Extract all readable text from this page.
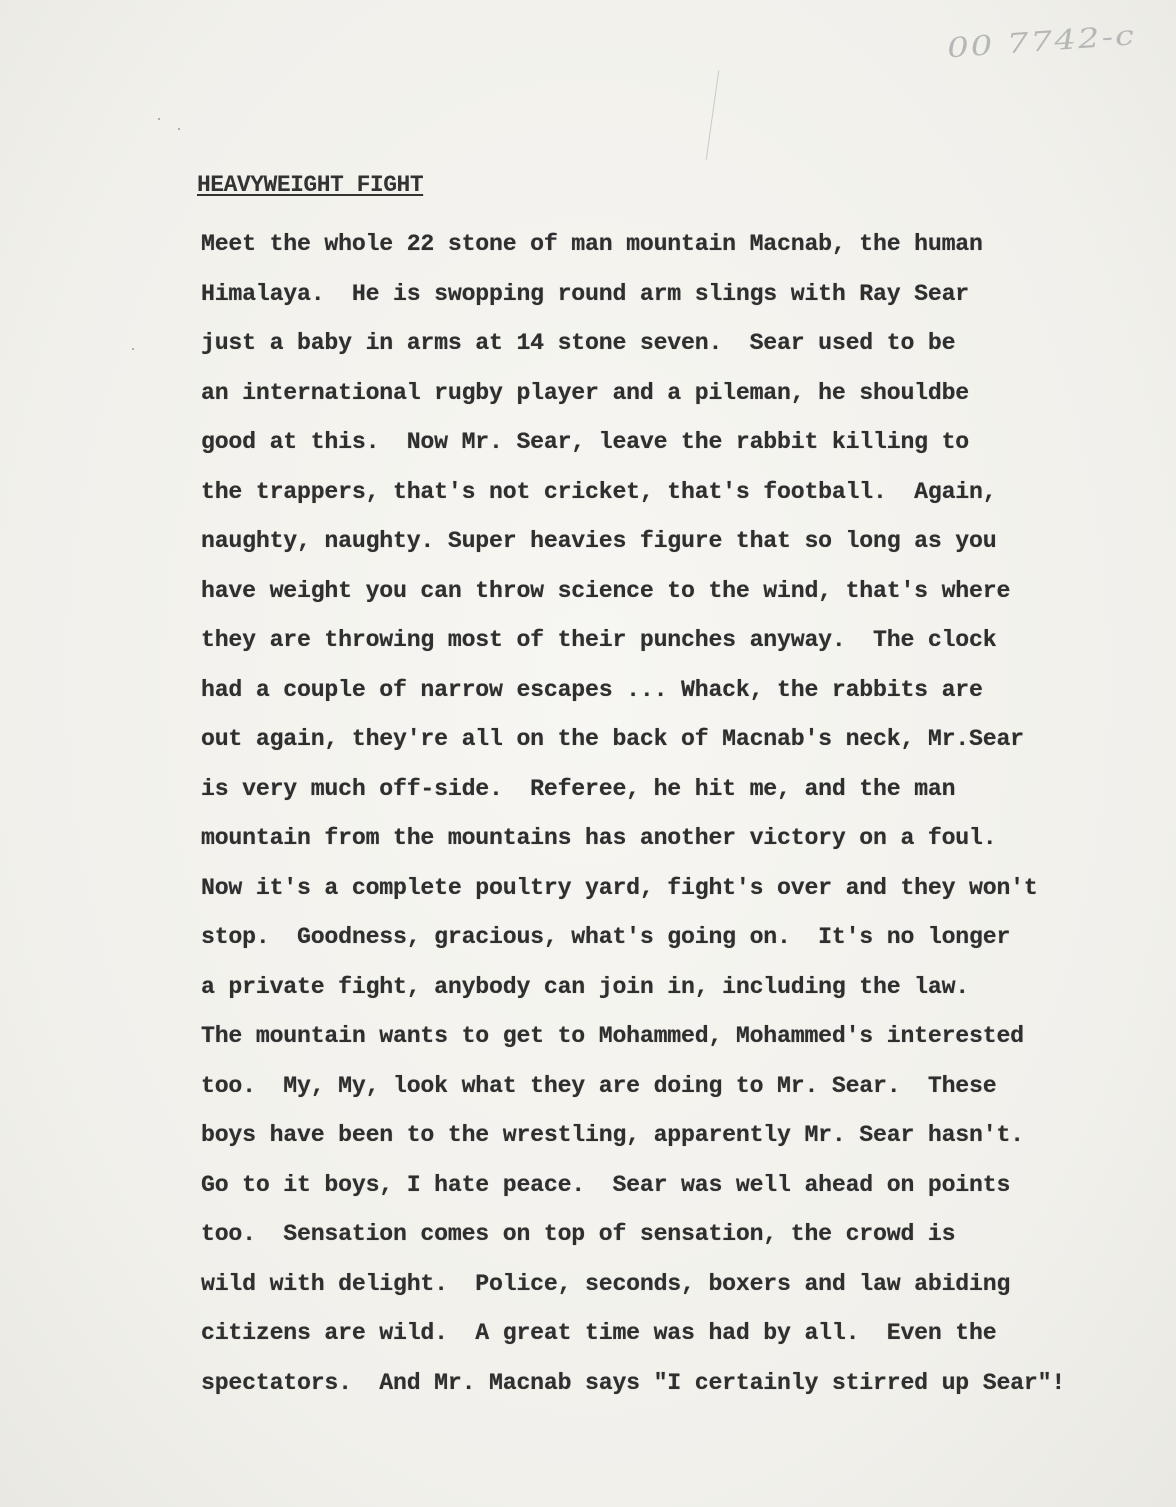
00 7742-c
HEAVYWEIGHT FIGHT
Meet the whole 22 stone of man mountain Macnab, the human
Himalaya.  He is swopping round arm slings with Ray Sear
just a baby in arms at 14 stone seven.  Sear used to be
an international rugby player and a pileman, he shouldbe
good at this.  Now Mr. Sear, leave the rabbit killing to
the trappers, that's not cricket, that's football.  Again,
naughty, naughty. Super heavies figure that so long as you
have weight you can throw science to the wind, that's where
they are throwing most of their punches anyway.  The clock
had a couple of narrow escapes ... Whack, the rabbits are
out again, they're all on the back of Macnab's neck, Mr.Sear
is very much off-side.  Referee, he hit me, and the man
mountain from the mountains has another victory on a foul.
Now it's a complete poultry yard, fight's over and they won't
stop.  Goodness, gracious, what's going on.  It's no longer
a private fight, anybody can join in, including the law.
The mountain wants to get to Mohammed, Mohammed's interested
too.  My, My, look what they are doing to Mr. Sear.  These
boys have been to the wrestling, apparently Mr. Sear hasn't.
Go to it boys, I hate peace.  Sear was well ahead on points
too.  Sensation comes on top of sensation, the crowd is
wild with delight.  Police, seconds, boxers and law abiding
citizens are wild.  A great time was had by all.  Even the
spectators.  And Mr. Macnab says "I certainly stirred up Sear"!
